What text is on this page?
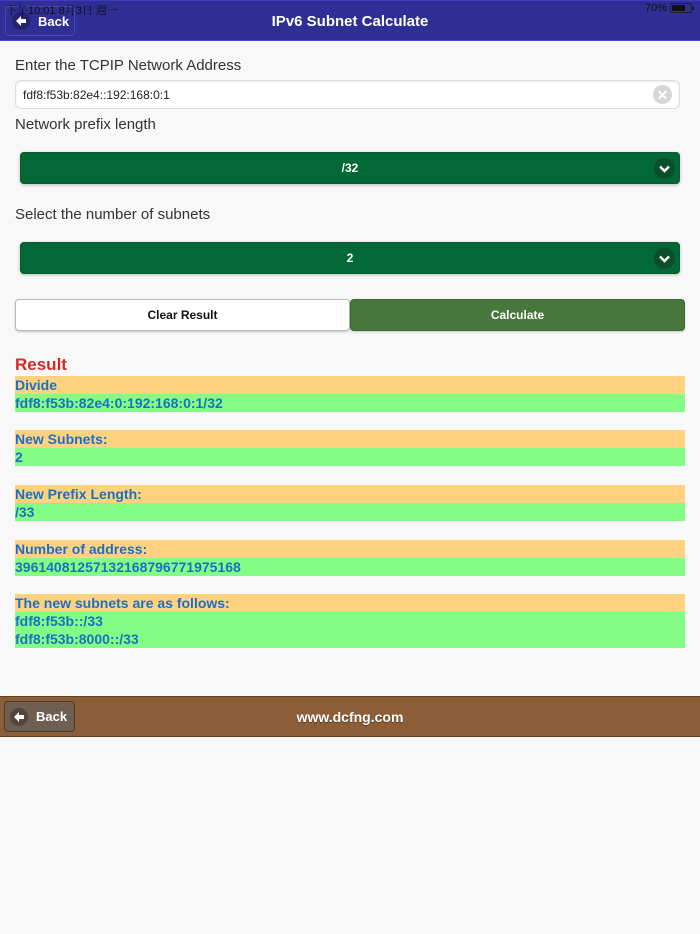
Back	IPv6 Subnet Calculate
下午10:01 8月3日 週一	70%
Enter the TCPIP Network Address
fdf8:f53b:82e4::192:168:0:1
✕
Network prefix length
/32
Select the number of subnets
2
Clear Result	Calculate
Result
Divide
fdf8:f53b:82e4:0:192:168:0:1/32
New Subnets:
2
New Prefix Length:
/33
Number of address:
39614081257132168796771975168
The new subnets are as follows:
fdf8:f53b::/33
fdf8:f53b:8000::/33
Back	www.dcfng.com
